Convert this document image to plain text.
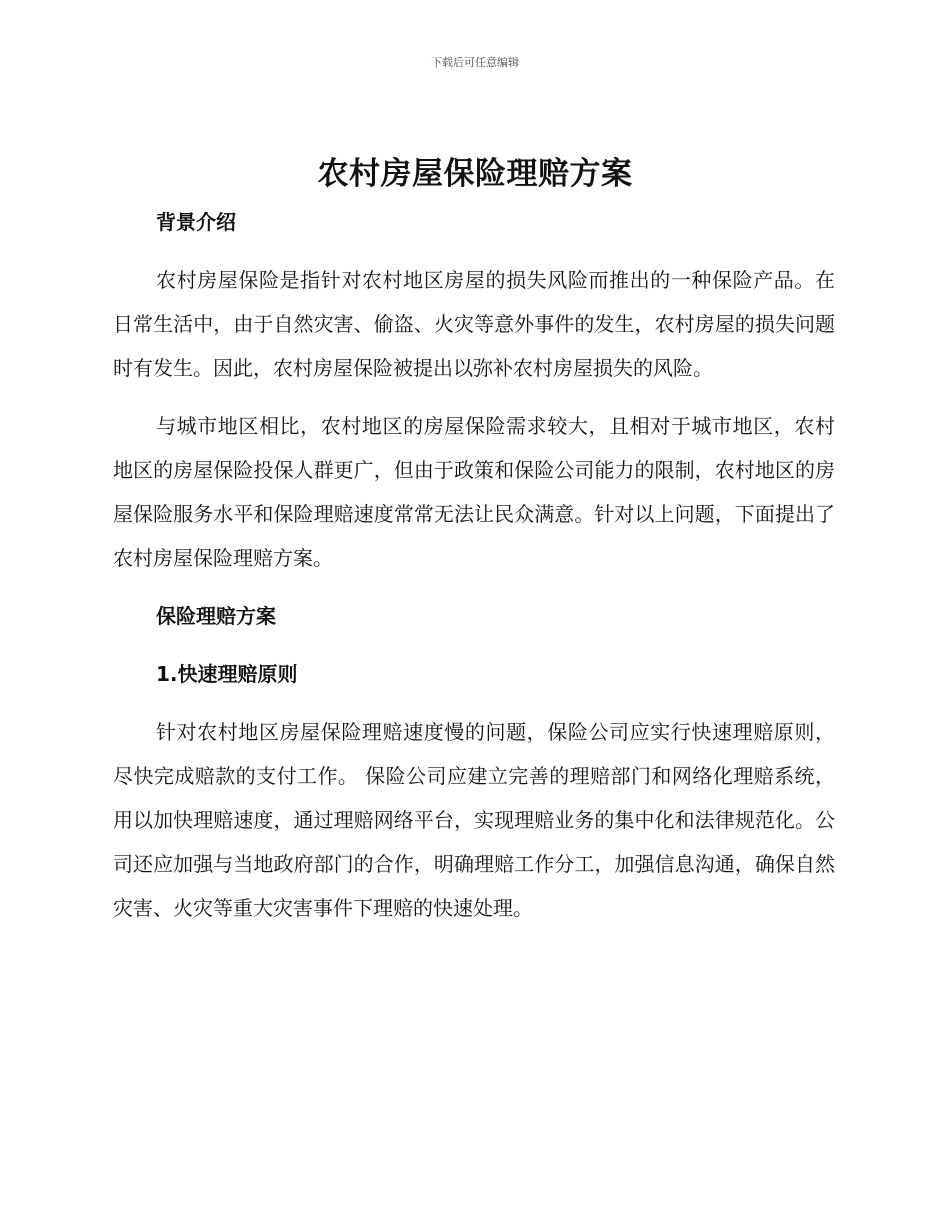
下载后可任意编辑
农村房屋保险理赔方案
背景介绍

农村房屋保险是指针对农村地区房屋的损失风险而推出的一种保险产品。在日常生活中，由于自然灾害、偷盗、火灾等意外事件的发生，农村房屋的损失问题时有发生。因此，农村房屋保险被提出以弥补农村房屋损失的风险。

与城市地区相比，农村地区的房屋保险需求较大，且相对于城市地区，农村地区的房屋保险投保人群更广，但由于政策和保险公司能力的限制，农村地区的房屋保险服务水平和保险理赔速度常常无法让民众满意。针对以上问题，下面提出了农村房屋保险理赔方案。

保险理赔方案
1.快速理赔原则

针对农村地区房屋保险理赔速度慢的问题，保险公司应实行快速理赔原则，尽快完成赔款的支付工作。 保险公司应建立完善的理赔部门和网络化理赔系统，用以加快理赔速度，通过理赔网络平台，实现理赔业务的集中化和法律规范化。公司还应加强与当地政府部门的合作，明确理赔工作分工，加强信息沟通，确保自然灾害、火灾等重大灾害事件下理赔的快速处理。
